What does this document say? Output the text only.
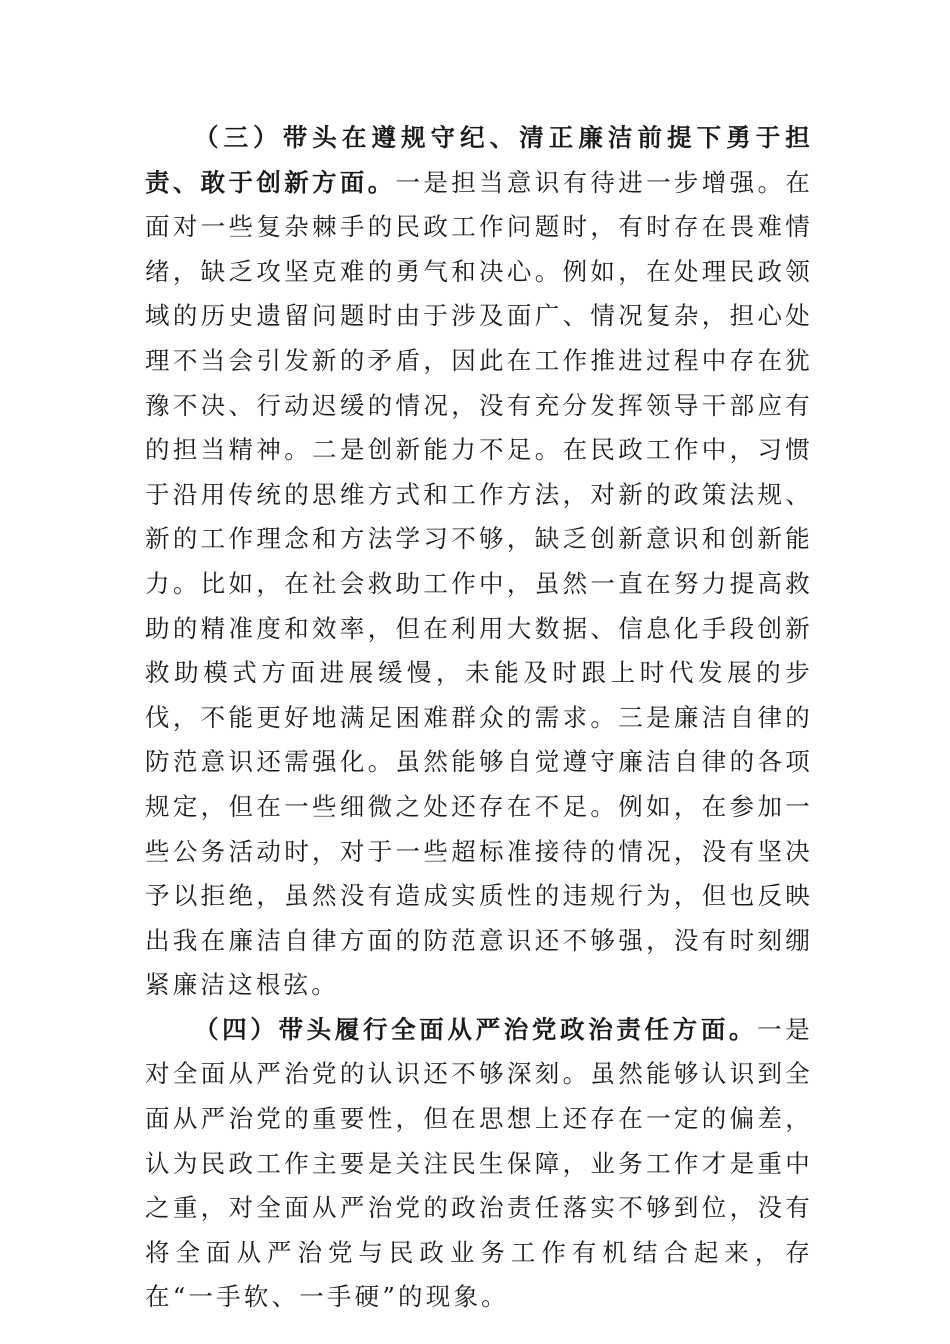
（三）带头在遵规守纪、清正廉洁前提下勇于担责、敢于创新方面。一是担当意识有待进一步增强。在面对一些复杂棘手的民政工作问题时，有时存在畏难情绪，缺乏攻坚克难的勇气和决心。例如，在处理民政领域的历史遗留问题时由于涉及面广、情况复杂，担心处理不当会引发新的矛盾，因此在工作推进过程中存在犹豫不决、行动迟缓的情况，没有充分发挥领导干部应有的担当精神。二是创新能力不足。在民政工作中，习惯于沿用传统的思维方式和工作方法，对新的政策法规、新的工作理念和方法学习不够，缺乏创新意识和创新能力。比如，在社会救助工作中，虽然一直在努力提高救助的精准度和效率，但在利用大数据、信息化手段创新救助模式方面进展缓慢，未能及时跟上时代发展的步伐，不能更好地满足困难群众的需求。三是廉洁自律的防范意识还需强化。虽然能够自觉遵守廉洁自律的各项规定，但在一些细微之处还存在不足。例如，在参加一些公务活动时，对于一些超标准接待的情况，没有坚决予以拒绝，虽然没有造成实质性的违规行为，但也反映出我在廉洁自律方面的防范意识还不够强，没有时刻绷紧廉洁这根弦。

（四）带头履行全面从严治党政治责任方面。一是对全面从严治党的认识还不够深刻。虽然能够认识到全面从严治党的重要性，但在思想上还存在一定的偏差，认为民政工作主要是关注民生保障，业务工作才是重中之重，对全面从严治党的政治责任落实不够到位，没有将全面从严治党与民政业务工作有机结合起来，存在“一手软、一手硬”的现象。
